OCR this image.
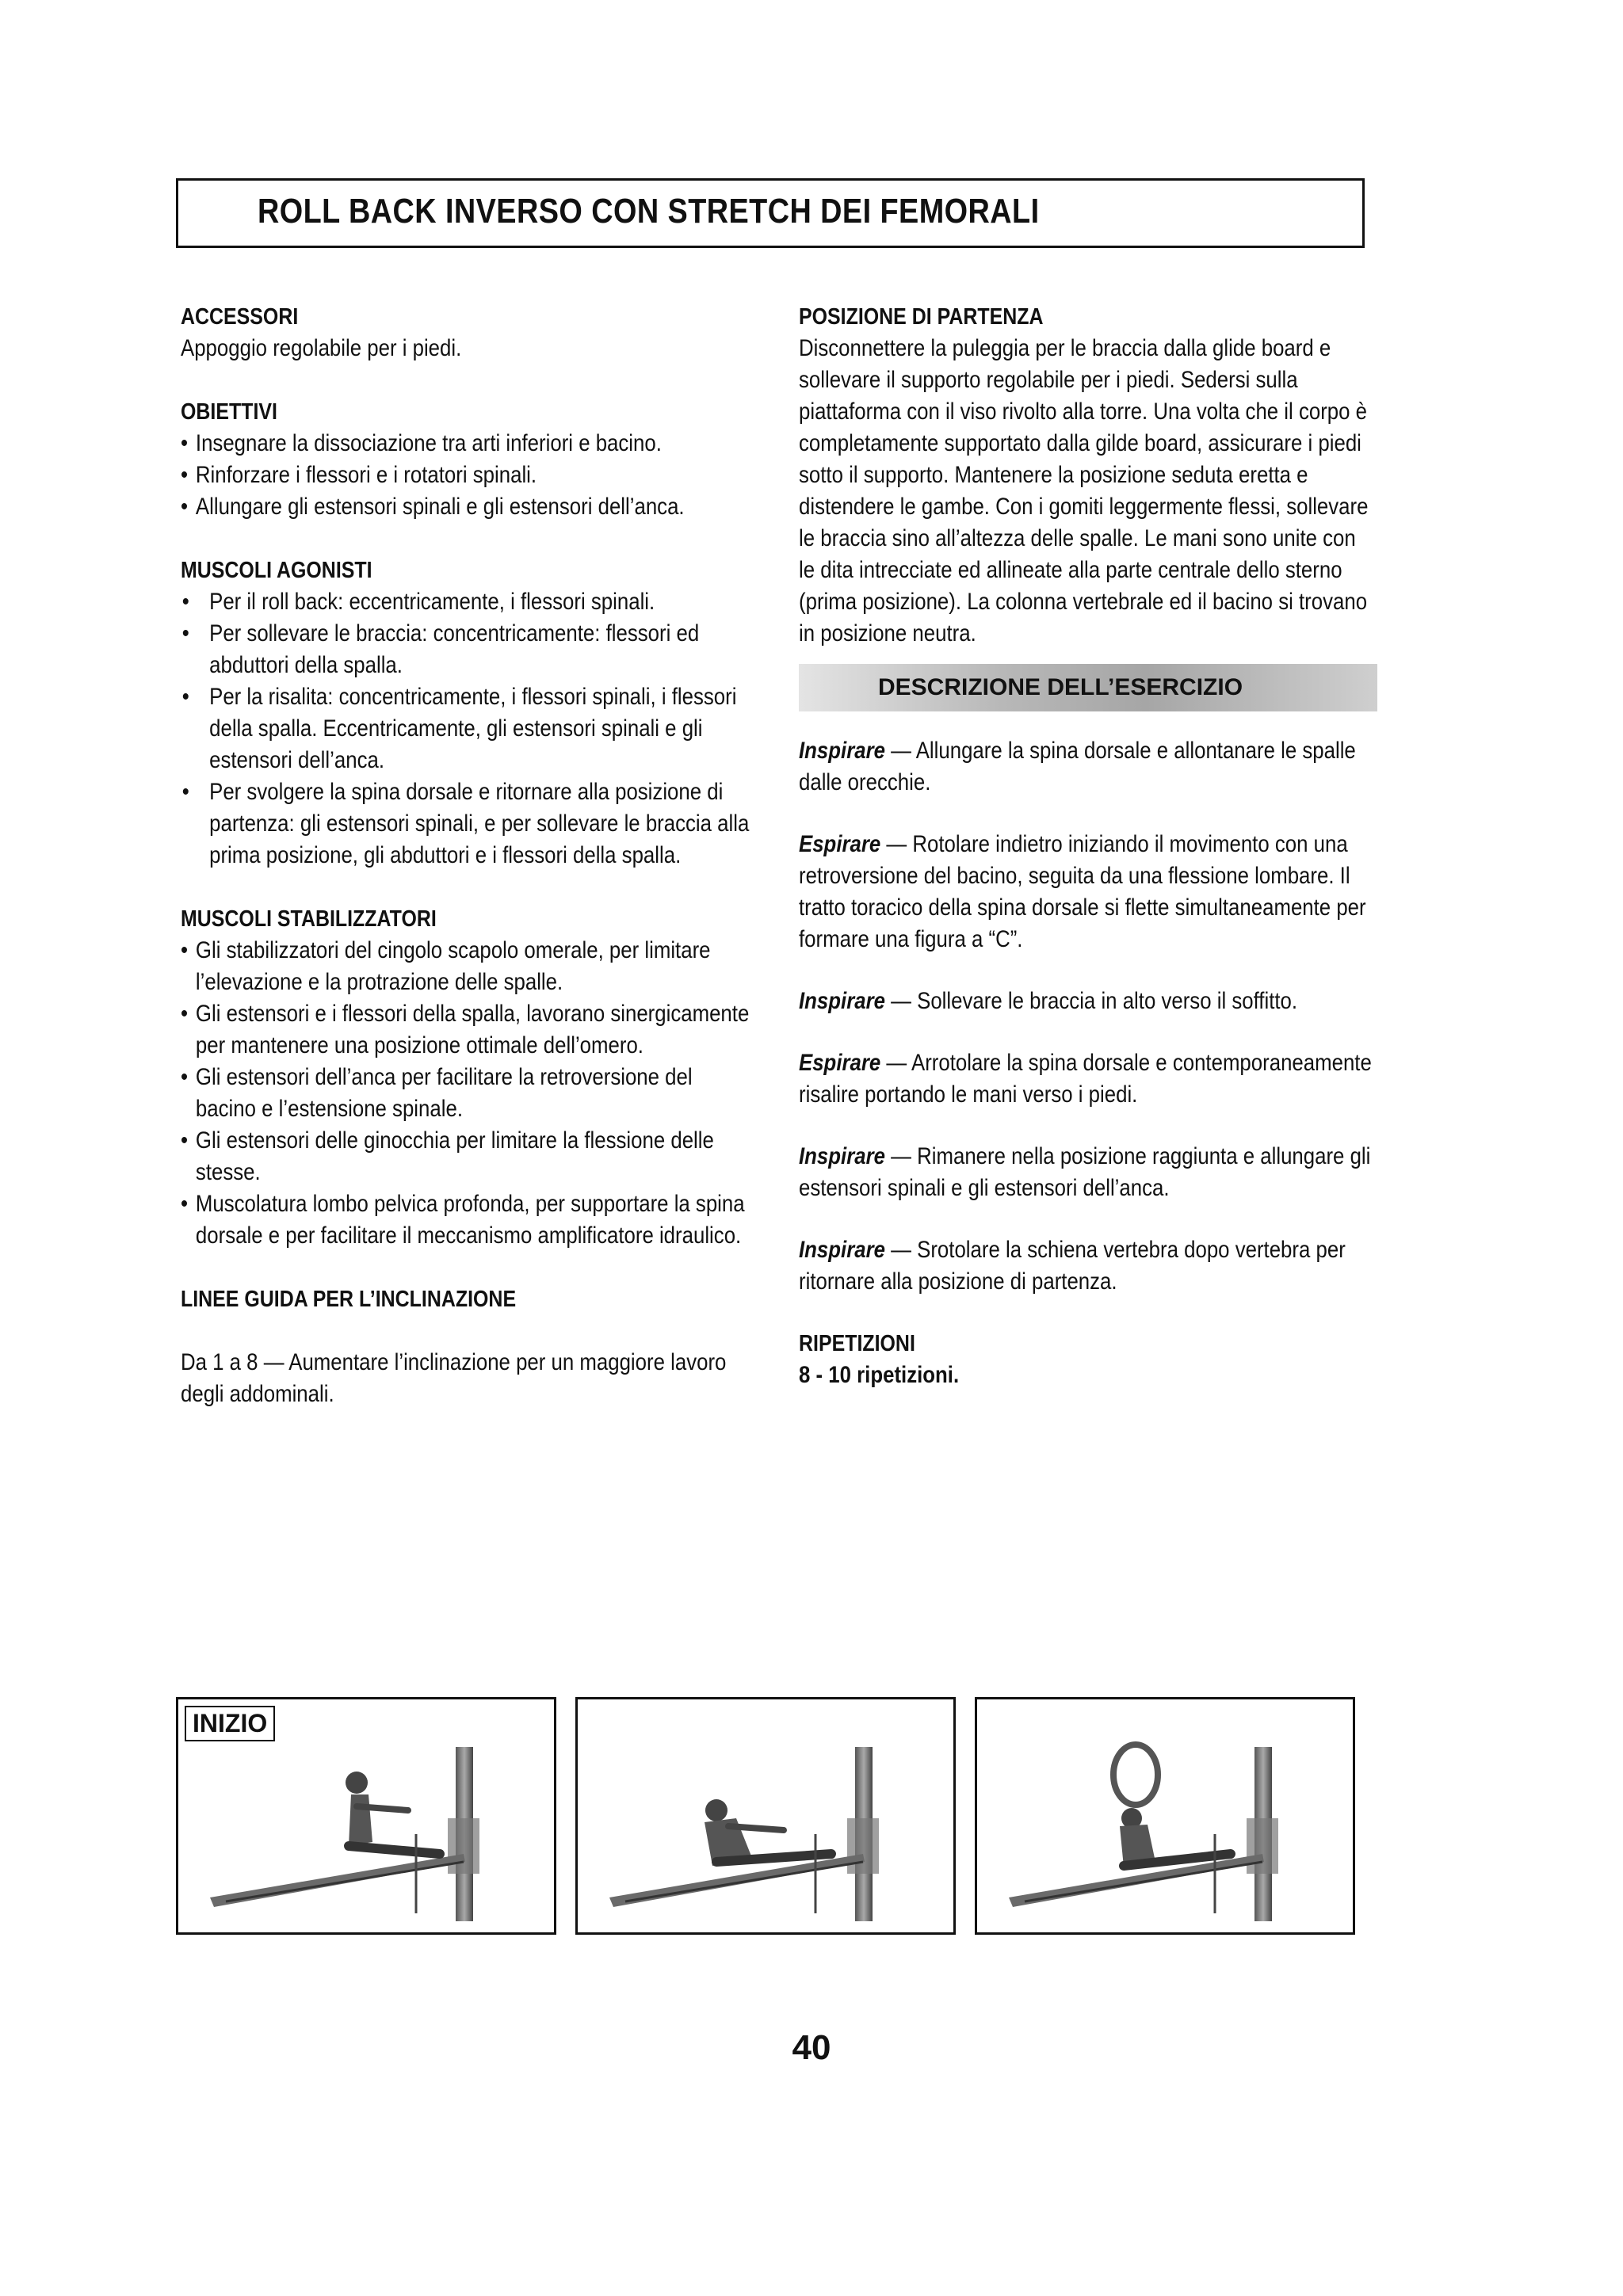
ROLL BACK INVERSO CON STRETCH DEI FEMORALI

ACCESSORI

Appoggio regolabile per i piedi.

OBIETTIVI

• Insegnare la dissociazione tra arti inferiori e bacino.
• Rinforzare i flessori e i rotatori spinali.
• Allungare gli estensori spinali e gli estensori dell’anca.

MUSCOLI AGONISTI

• Per il roll back: eccentricamente, i flessori spinali.
• Per sollevare le braccia: concentricamente: flessori ed abduttori della spalla.
• Per la risalita: concentricamente, i flessori spinali, i flessori della spalla. Eccentricamente, gli estensori spinali e gli estensori dell’anca.
• Per svolgere la spina dorsale e ritornare alla posizione di partenza: gli estensori spinali, e per sollevare le braccia alla prima posizione, gli abduttori e i flessori della spalla.

MUSCOLI STABILIZZATORI

• Gli stabilizzatori del cingolo scapolo omerale, per limitare l’elevazione e la protrazione delle spalle.
• Gli estensori e i flessori della spalla, lavorano sinergicamente per mantenere una posizione ottimale dell’omero.
• Gli estensori dell’anca per facilitare la retroversione del bacino e l’estensione spinale.
• Gli estensori delle ginocchia per limitare la flessione delle stesse.
• Muscolatura lombo pelvica profonda, per supportare la spina dorsale e per facilitare il meccanismo amplificatore idraulico.

LINEE GUIDA PER L’INCLINAZIONE

Da 1 a 8 — Aumentare l’inclinazione per un maggiore lavoro degli addominali.

POSIZIONE DI PARTENZA

Disconnettere la puleggia per le braccia dalla glide board e sollevare il supporto regolabile per i piedi. Sedersi sulla piattaforma con il viso rivolto alla torre. Una volta che il corpo è completamente supportato dalla gilde board, assicurare i piedi sotto il supporto. Mantenere la posizione seduta eretta e distendere le gambe. Con i gomiti leggermente flessi, sollevare le braccia sino all’altezza delle spalle. Le mani sono unite con le dita intrecciate ed allineate alla parte centrale dello sterno (prima posizione). La colonna vertebrale ed il bacino si trovano in posizione neutra.

DESCRIZIONE DELL’ESERCIZIO

Inspirare — Allungare la spina dorsale e allontanare le spalle dalle orecchie.

Espirare — Rotolare indietro iniziando il movimento con una retroversione del bacino, seguita da una flessione lombare. Il tratto toracico della spina dorsale si flette simultaneamente per formare una figura a “C”.

Inspirare — Sollevare le braccia in alto verso il soffitto.

Espirare — Arrotolare la spina dorsale e contemporaneamente risalire portando le mani verso i piedi.

Inspirare — Rimanere nella posizione raggiunta e allungare gli estensori spinali e gli estensori dell’anca.

Inspirare — Srotolare la schiena vertebra dopo vertebra per ritornare alla posizione di partenza.

RIPETIZIONI

8 - 10 ripetizioni.

INIZIO
40
